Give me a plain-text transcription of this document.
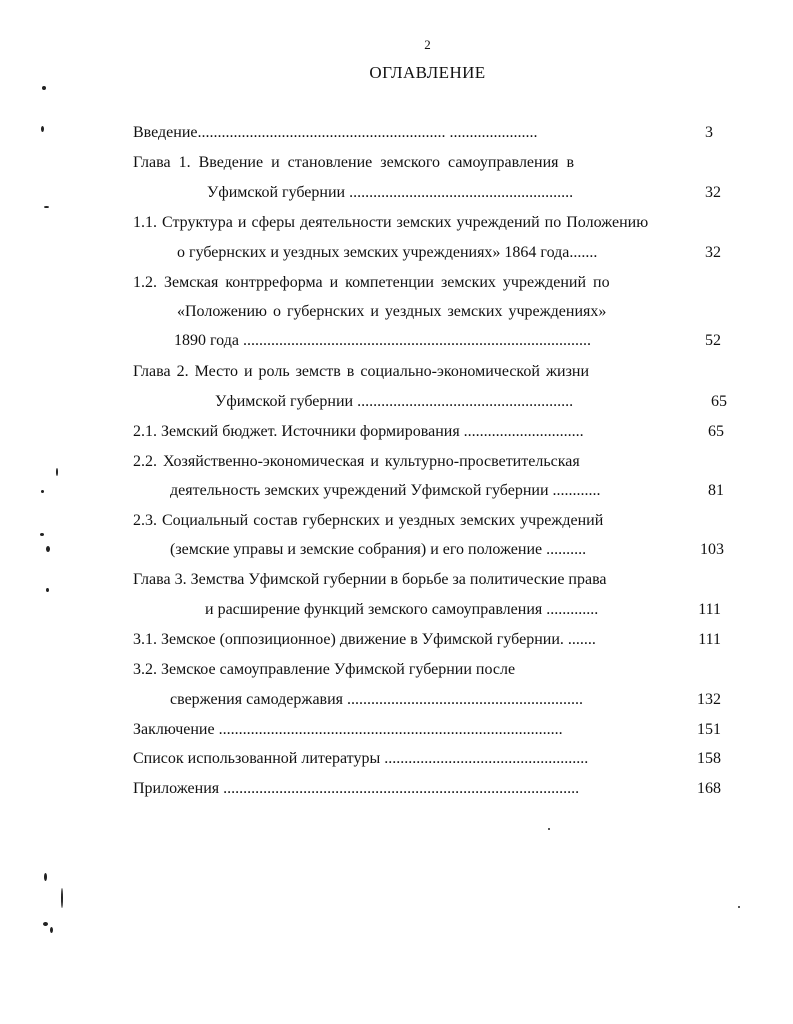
2
ОГЛАВЛЕНИЕ
Введение.............................................................. ......................	3
Глава 1. Введение и становление земского самоуправления в
Уфимской губернии ........................................................	32
1.1. Структура и сферы деятельности земских учреждений по Положению
о губернских и уездных земских учреждениях» 1864 года.......	32
1.2. Земская контрреформа и компетенции земских учреждений по
«Положению о губернских и уездных земских учреждениях»
1890 года .......................................................................................	52
Глава 2. Место и роль земств в социально-экономической жизни
Уфимской губернии ......................................................	65
2.1. Земский бюджет. Источники формирования ..............................	65
2.2. Хозяйственно-экономическая и культурно-просветительская
деятельность земских учреждений Уфимской губернии ............	81
2.3. Социальный состав губернских и уездных земских учреждений
(земские управы и земские собрания) и его положение ..........	103
Глава 3. Земства Уфимской губернии в борьбе за политические права
и расширение функций земского самоуправления .............	111
3.1. Земское (оппозиционное) движение в Уфимской губернии. .......	111
3.2. Земское самоуправление Уфимской губернии после
свержения самодержавия ...........................................................	132
Заключение ......................................................................................	151
Список использованной литературы ...................................................	158
Приложения .........................................................................................	168
